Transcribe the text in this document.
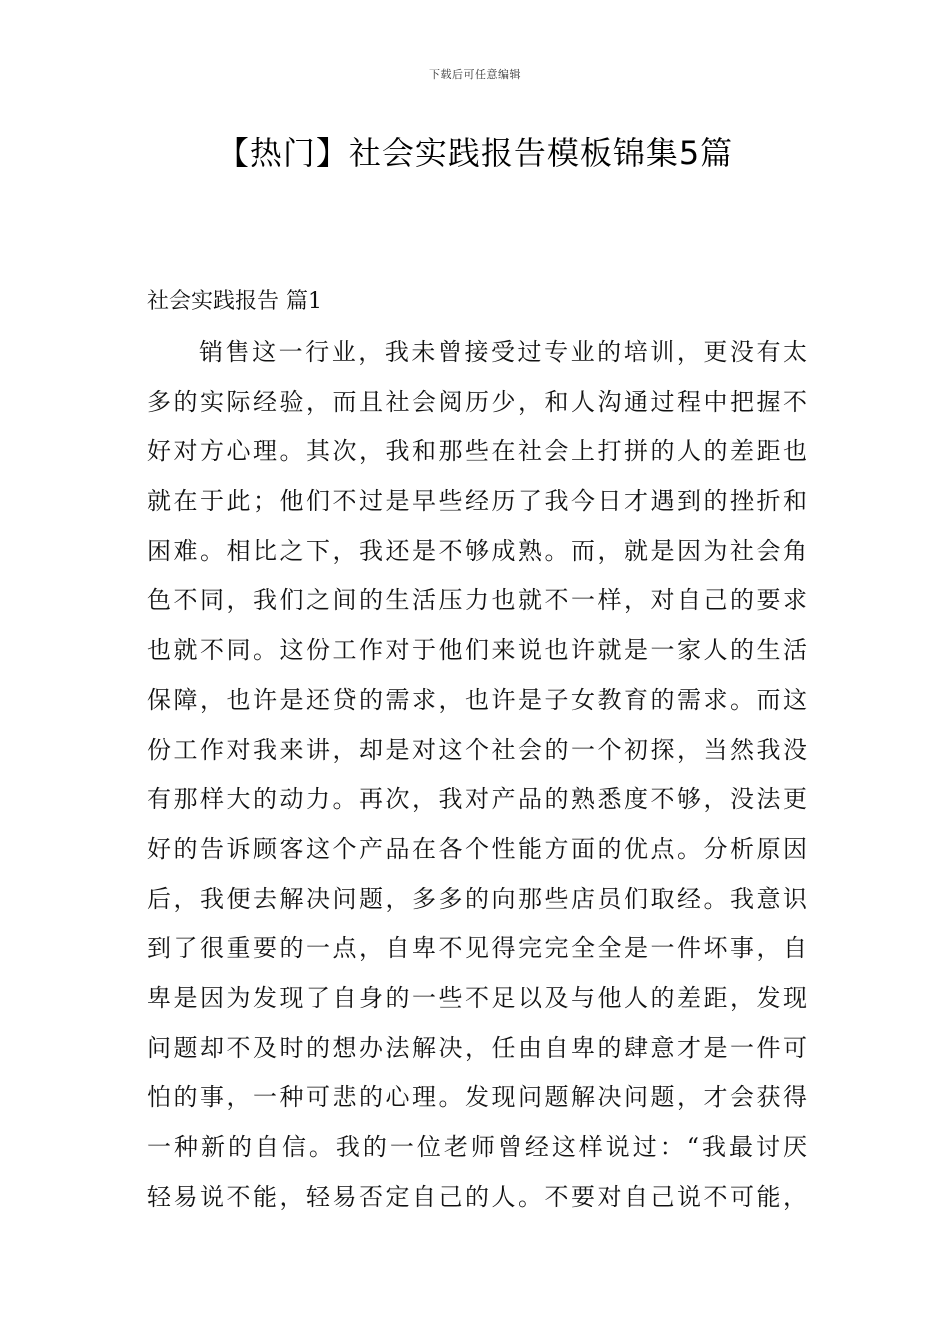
下载后可任意编辑
【热门】社会实践报告模板锦集5篇
社会实践报告 篇1
销售这一行业，我未曾接受过专业的培训，更没有太
多的实际经验，而且社会阅历少，和人沟通过程中把握不
好对方心理。其次，我和那些在社会上打拼的人的差距也
就在于此；他们不过是早些经历了我今日才遇到的挫折和
困难。相比之下，我还是不够成熟。而，就是因为社会角
色不同，我们之间的生活压力也就不一样，对自己的要求
也就不同。这份工作对于他们来说也许就是一家人的生活
保障，也许是还贷的需求，也许是子女教育的需求。而这
份工作对我来讲，却是对这个社会的一个初探，当然我没
有那样大的动力。再次，我对产品的熟悉度不够，没法更
好的告诉顾客这个产品在各个性能方面的优点。分析原因
后，我便去解决问题，多多的向那些店员们取经。我意识
到了很重要的一点，自卑不见得完完全全是一件坏事，自
卑是因为发现了自身的一些不足以及与他人的差距，发现
问题却不及时的想办法解决，任由自卑的肆意才是一件可
怕的事，一种可悲的心理。发现问题解决问题，才会获得
一种新的自信。我的一位老师曾经这样说过：“我最讨厌
轻易说不能，轻易否定自己的人。不要对自己说不可能，
